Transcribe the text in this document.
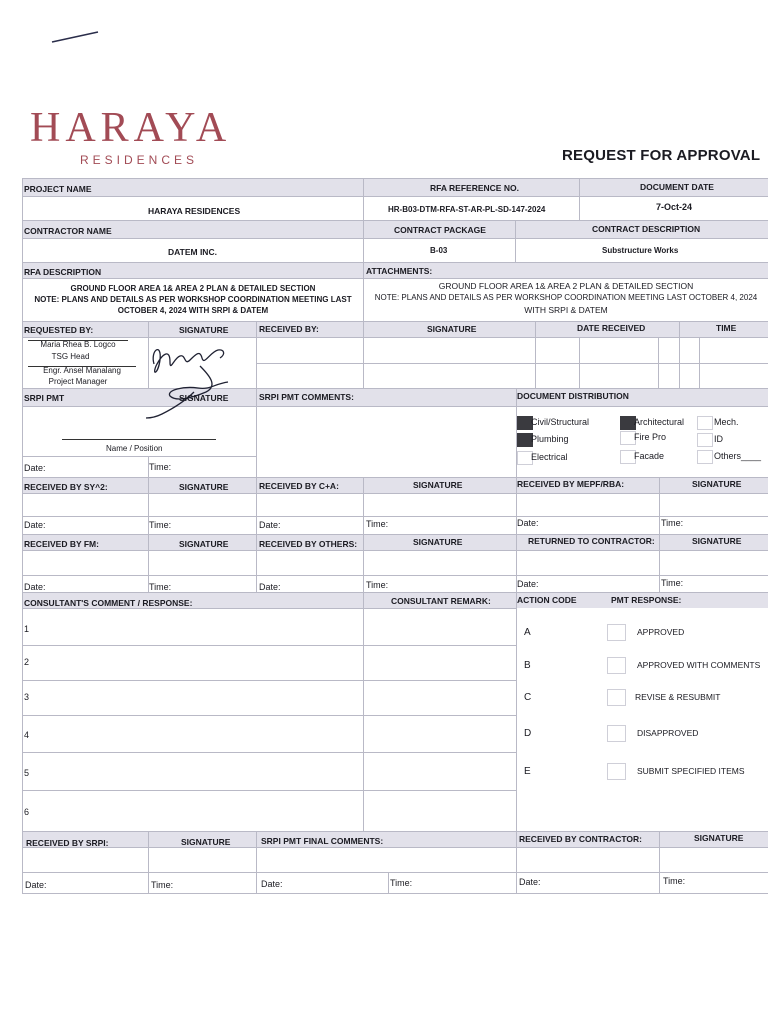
HARAYA
RESIDENCES	REQUEST FOR APPROVAL
PROJECT NAME	RFA REFERENCE NO.	DOCUMENT DATE
HARAYA RESIDENCES	HR-B03-DTM-RFA-ST-AR-PL-SD-147-2024	7-Oct-24
CONTRACTOR NAME	CONTRACT PACKAGE	CONTRACT DESCRIPTION
DATEM INC.	B-03	Substructure Works
RFA DESCRIPTION	ATTACHMENTS:
GROUND FLOOR AREA 1& AREA 2 PLAN & DETAILED SECTION
NOTE: PLANS AND DETAILS AS PER WORKSHOP COORDINATION MEETING LAST
OCTOBER 4, 2024 WITH SRPI & DATEM
GROUND FLOOR AREA 1& AREA 2 PLAN & DETAILED SECTION
NOTE: PLANS AND DETAILS AS PER WORKSHOP COORDINATION MEETING LAST OCTOBER 4, 2024
WITH SRPI & DATEM
REQUESTED BY:	SIGNATURE	RECEIVED BY:	SIGNATURE	DATE RECEIVED	TIME
Maria Rhea B. Logco
TSG Head
Engr. Ansel Manalang
Project Manager
SRPI PMT	SIGNATURE	SRPI PMT COMMENTS:	DOCUMENT DISTRIBUTION
Name / Position
Date:	Time:
Civil/Structural	Architectural	Mech.
Plumbing	Fire Pro	ID
Electrical	Facade	Others____
RECEIVED BY SY^2:	SIGNATURE	RECEIVED BY C+A:	SIGNATURE	RECEIVED BY MEPF/RBA:	SIGNATURE
Date:	Time:	Date:	Time:	Date:	Time:
RECEIVED BY FM:	SIGNATURE	RECEIVED BY OTHERS:	SIGNATURE	RETURNED TO CONTRACTOR:	SIGNATURE
Date:	Time:	Date:	Time:	Date:	Time:
CONSULTANT'S COMMENT / RESPONSE:	CONSULTANT REMARK:	ACTION CODE	PMT RESPONSE:
1
2
3
4
5
6
A	APPROVED
B	APPROVED WITH COMMENTS
C	REVISE & RESUBMIT
D	DISAPPROVED
E	SUBMIT SPECIFIED ITEMS
RECEIVED BY SRPI:	SIGNATURE	SRPI PMT FINAL COMMENTS:	RECEIVED BY CONTRACTOR:	SIGNATURE
Date:	Time:	Date:	Time:	Date:	Time:
